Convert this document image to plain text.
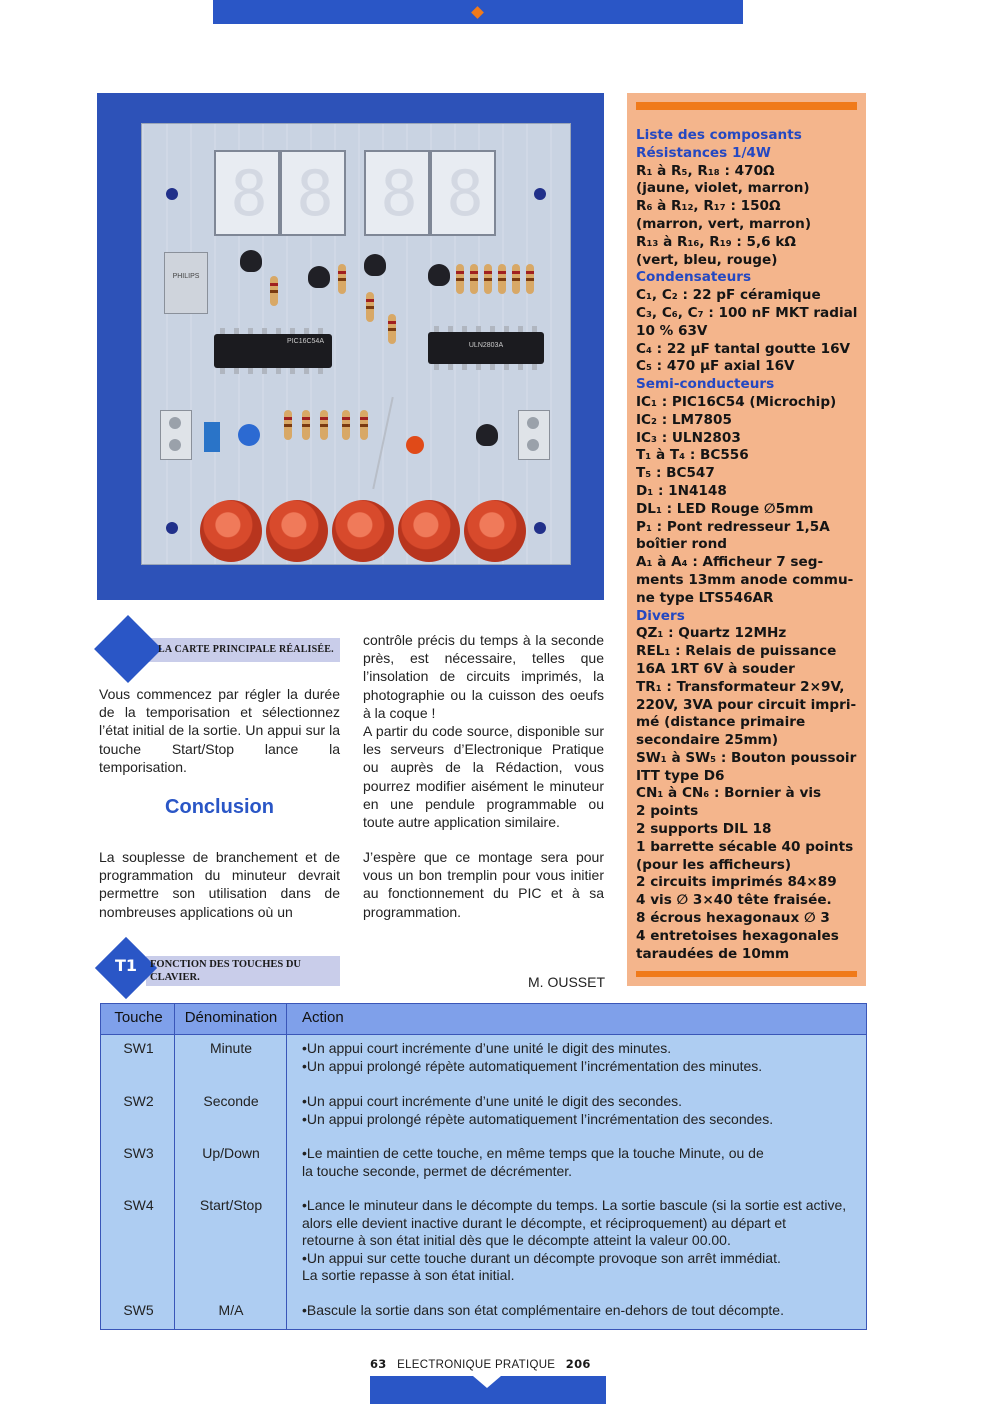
8 8 8 8
PHILIPS
PIC16C54A
ULN2803A
LA CARTE PRINCIPALE RÉALISÉE.

Vous commencez par régler la durée de la temporisation et sélectionnez l’état initial de la sortie. Un appui sur la touche Start/Stop lance la temporisation.

Conclusion

La souplesse de branchement et de programmation du minuteur devrait permettre son utilisation dans de nombreuses applications où un

contrôle précis du temps à la seconde près, est nécessaire, telles que l’insolation de circuits imprimés, la photographie ou la cuisson des oeufs à la coque !

A partir du code source, disponible sur les serveurs d’Electronique Pratique ou auprès de la Rédaction, vous pourrez modifier aisément le minuteur en une pendule programmable ou toute autre application similaire.

J’espère que ce montage sera pour vous un bon tremplin pour vous initier au fonctionnement du PIC et à sa programmation.

Liste des composants
Résistances 1/4W
R₁ à R₅, R₁₈ : 470Ω
(jaune, violet, marron)
R₆ à R₁₂, R₁₇ : 150Ω
(marron, vert, marron)
R₁₃ à R₁₆, R₁₉ : 5,6 kΩ
(vert, bleu, rouge)
Condensateurs
C₁, C₂ : 22 pF céramique
C₃, C₆, C₇ : 100 nF MKT radial
10 % 63V
C₄ : 22 µF tantal goutte 16V
C₅ : 470 µF axial 16V
Semi-conducteurs
IC₁ : PIC16C54 (Microchip)
IC₂ : LM7805
IC₃ : ULN2803
T₁ à T₄ : BC556
T₅ : BC547
D₁ : 1N4148
DL₁ : LED Rouge ∅5mm
P₁ : Pont redresseur 1,5A
boîtier rond
A₁ à A₄ : Afficheur 7 seg-
ments 13mm anode commu-
ne type LTS546AR
Divers
QZ₁ : Quartz 12MHz
REL₁ : Relais de puissance
16A 1RT 6V à souder
TR₁ : Transformateur 2×9V,
220V, 3VA pour circuit impri-
mé (distance primaire
secondaire 25mm)
SW₁ à SW₅ : Bouton poussoir
ITT type D6
CN₁ à CN₆ : Bornier à vis
2 points
2 supports DIL 18
1 barrette sécable 40 points
(pour les afficheurs)
2 circuits imprimés 84×89
4 vis ∅ 3×40 tête fraisée.
8 écrous hexagonaux ∅ 3
4 entretoises hexagonales
taraudées de 10mm
T1	FONCTION DES TOUCHES DU CLAVIER.	M. OUSSET
Touche	Dénomination	Action
SW1	Minute	•Un appui court incrémente d’une unité le digit des minutes.
•Un appui prolongé répète automatiquement l’incrémentation des minutes.
SW2	Seconde	•Un appui court incrémente d’une unité le digit des secondes.
•Un appui prolongé répète automatiquement l’incrémentation des secondes.
SW3	Up/Down	•Le maintien de cette touche, en même temps que la touche Minute, ou de
la touche seconde, permet de décrémenter.
SW4	Start/Stop	•Lance le minuteur dans le décompte du temps. La sortie bascule (si la sortie est active,
alors elle devient inactive durant le décompte, et réciproquement) au départ et
retourne à son état initial dès que le décompte atteint la valeur 00.00.
•Un appui sur cette touche durant un décompte provoque son arrêt immédiat.
La sortie repasse à son état initial.
SW5	M/A	•Bascule la sortie dans son état complémentaire en-dehors de tout décompte.
63 ELECTRONIQUE PRATIQUE 206
